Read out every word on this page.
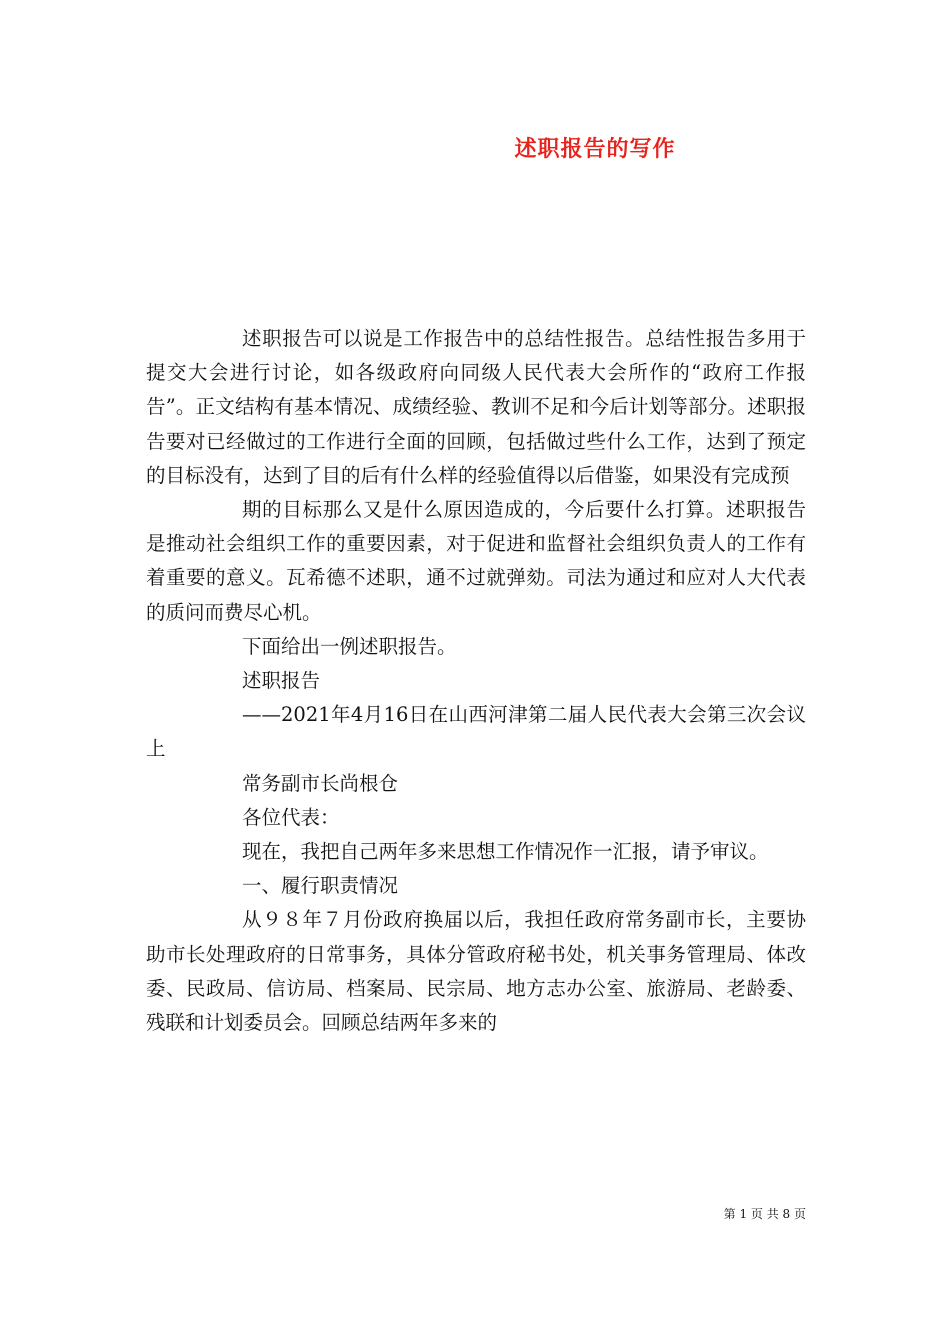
述职报告的写作

述职报告可以说是工作报告中的总结性报告。总结性报告多用于提交大会进行讨论，如各级政府向同级人民代表大会所作的“政府工作报告”。正文结构有基本情况、成绩经验、教训不足和今后计划等部分。述职报告要对已经做过的工作进行全面的回顾，包括做过些什么工作，达到了预定的目标没有，达到了目的后有什么样的经验值得以后借鉴，如果没有完成预

期的目标那么又是什么原因造成的，今后要什么打算。述职报告是推动社会组织工作的重要因素，对于促进和监督社会组织负责人的工作有着重要的意义。瓦希德不述职，通不过就弹劾。司法为通过和应对人大代表的质问而费尽心机。

下面给出一例述职报告。

述职报告

——2021年4月16日在山西河津第二届人民代表大会第三次会议上

常务副市长尚根仓

各位代表：

现在，我把自己两年多来思想工作情况作一汇报，请予审议。

一、履行职责情况

从９８年７月份政府换届以后，我担任政府常务副市长，主要协助市长处理政府的日常事务，具体分管政府秘书处，机关事务管理局、体改委、民政局、信访局、档案局、民宗局、地方志办公室、旅游局、老龄委、残联和计划委员会。回顾总结两年多来的

第 1 页 共 8 页
